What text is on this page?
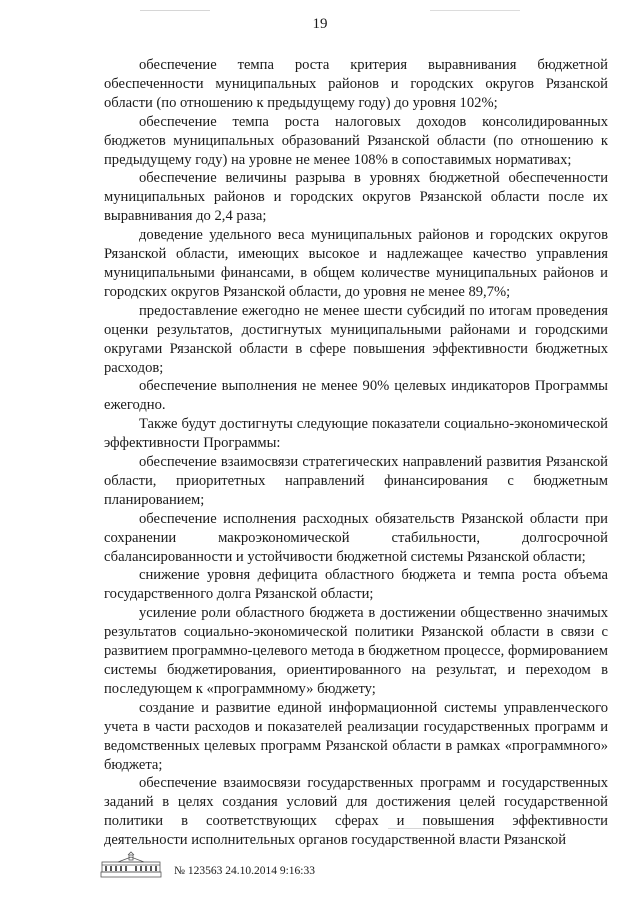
19

обеспечение темпа роста критерия выравнивания бюджетной обеспеченности муниципальных районов и городских округов Рязанской области (по отношению к предыдущему году) до уровня 102%;

обеспечение темпа роста налоговых доходов консолидированных бюджетов муниципальных образований Рязанской области (по отношению к предыдущему году) на уровне не менее 108% в сопоставимых нормативах;

обеспечение величины разрыва в уровнях бюджетной обеспеченности муниципальных районов и городских округов Рязанской области после их выравнивания до 2,4 раза;

доведение удельного веса муниципальных районов и городских округов Рязанской области, имеющих высокое и надлежащее качество управления муниципальными финансами, в общем количестве муниципальных районов и городских округов Рязанской области, до уровня не менее 89,7%;

предоставление ежегодно не менее шести субсидий по итогам проведения оценки результатов, достигнутых муниципальными районами и городскими округами Рязанской области в сфере повышения эффективности бюджетных расходов;

обеспечение выполнения не менее 90% целевых индикаторов Программы ежегодно.

Также будут достигнуты следующие показатели социально-экономической эффективности Программы:

обеспечение взаимосвязи стратегических направлений развития Рязанской области, приоритетных направлений финансирования с бюджетным планированием;

обеспечение исполнения расходных обязательств Рязанской области при сохранении макроэкономической стабильности, долгосрочной сбалансированности и устойчивости бюджетной системы Рязанской области;

снижение уровня дефицита областного бюджета и темпа роста объема государственного долга Рязанской области;

усиление роли областного бюджета в достижении общественно значимых результатов социально-экономической политики Рязанской области в связи с развитием программно-целевого метода в бюджетном процессе, формированием системы бюджетирования, ориентированного на результат, и переходом в последующем к «программному» бюджету;

создание и развитие единой информационной системы управленческого учета в части расходов и показателей реализации государственных программ и ведомственных целевых программ Рязанской области в рамках «программного» бюджета;

обеспечение взаимосвязи государственных программ и государственных заданий в целях создания условий для достижения целей государственной политики в соответствующих сферах и повышения эффективности деятельности исполнительных органов государственной власти Рязанской

№ 123563 24.10.2014 9:16:33
